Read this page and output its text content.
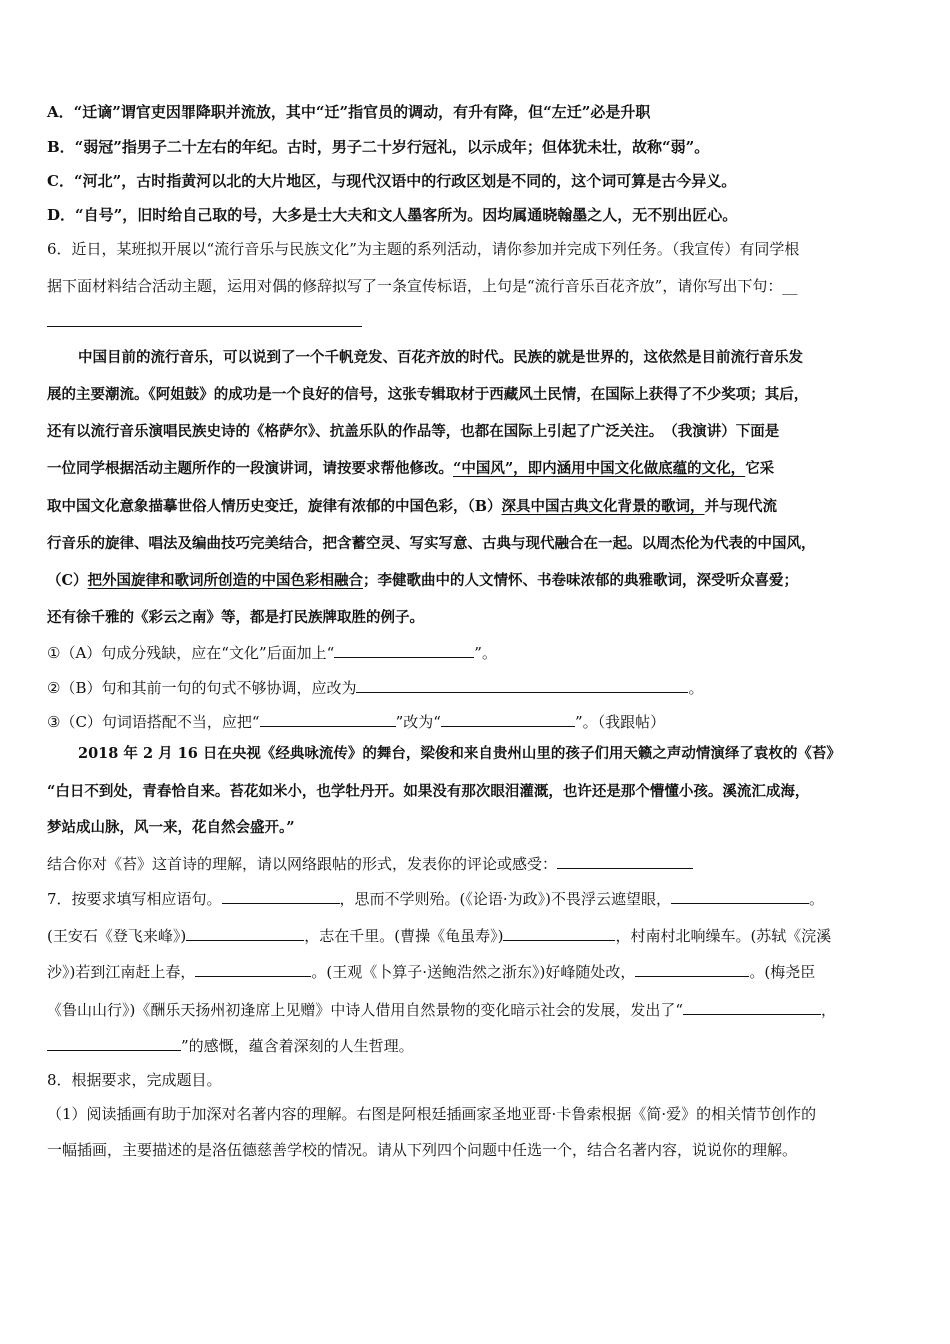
A．“迁谪”谓官吏因罪降职并流放，其中“迁”指官员的调动，有升有降，但“左迁”必是升职
B．“弱冠”指男子二十左右的年纪。古时，男子二十岁行冠礼，以示成年；但体犹未壮，故称“弱”。
C．“河北”，古时指黄河以北的大片地区，与现代汉语中的行政区划是不同的，这个词可算是古今异义。
D．“自号”，旧时给自己取的号，大多是士大夫和文人墨客所为。因均属通晓翰墨之人，无不别出匠心。
6．近日，某班拟开展以“流行音乐与民族文化”为主题的系列活动，请你参加并完成下列任务。（我宣传）有同学根
据下面材料结合活动主题，运用对偶的修辞拟写了一条宣传标语，上句是“流行音乐百花齐放”，请你写出下句：__
中国目前的流行音乐，可以说到了一个千帆竞发、百花齐放的时代。民族的就是世界的，这依然是目前流行音乐发
展的主要潮流。《阿姐鼓》的成功是一个良好的信号，这张专辑取材于西藏风土民情，在国际上获得了不少奖项；其后，
还有以流行音乐演唱民族史诗的《格萨尔》、抗盖乐队的作品等，也都在国际上引起了广泛关注。　（我演讲）下面是
一位同学根据活动主题所作的一段演讲词，请按要求帮他修改。“中国风”，即内涵用中国文化做底蕴的文化，它采
取中国文化意象描摹世俗人情历史变迁，旋律有浓郁的中国色彩，（B）深具中国古典文化背景的歌词，并与现代流
行音乐的旋律、唱法及编曲技巧完美结合，把含蓄空灵、写实写意、古典与现代融合在一起。以周杰伦为代表的中国风，
（C）把外国旋律和歌词所创造的中国色彩相融合；李健歌曲中的人文情怀、书卷味浓郁的典雅歌词，深受听众喜爱；
还有徐千雅的《彩云之南》等，都是打民族牌取胜的例子。
①（A）句成分残缺，应在“文化”后面加上“	”。
②（B）句和其前一句的句式不够协调，应改为	。
③（C）句词语搭配不当，应把“	”改为“	”。（我跟帖）
2018 年 2 月 16 日在央视《经典咏流传》的舞台，梁俊和来自贵州山里的孩子们用天籁之声动情演绎了袁枚的《苔》
“白日不到处，青春恰自来。苔花如米小，也学牡丹开。如果没有那次眼泪灌溉，也许还是那个懵懂小孩。溪流汇成海，
梦站成山脉，风一来，花自然会盛开。”
结合你对《苔》这首诗的理解，请以网络跟帖的形式，发表你的评论或感受：
7．按要求填写相应语句。	，思而不学则殆。(《论语·为政》)不畏浮云遮望眼，	。
(王安石《登飞来峰》)	，志在千里。(曹操《龟虽寿》)	，村南村北响缲车。(苏轼《浣溪
沙》)若到江南赶上春，	。(王观《卜算子·送鲍浩然之浙东》)好峰随处改，	。(梅尧臣
《鲁山山行》)《酬乐天扬州初逢席上见赠》中诗人借用自然景物的变化暗示社会的发展，发出了“	，
”的感慨，蕴含着深刻的人生哲理。
8．根据要求，完成题目。
（1）阅读插画有助于加深对名著内容的理解。右图是阿根廷插画家圣地亚哥·卡鲁索根据《简·爱》的相关情节创作的
一幅插画，主要描述的是洛伍德慈善学校的情况。请从下列四个问题中任选一个，结合名著内容，说说你的理解。
